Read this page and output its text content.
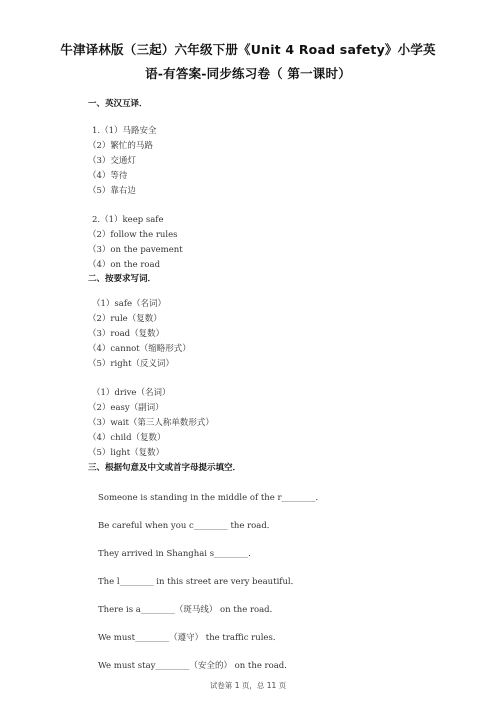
牛津译林版（三起）六年级下册《Unit 4 Road safety》小学英
语-有答案-同步练习卷（ 第一课时）
一、英汉互译．
1.（1）马路安全
（2）繁忙的马路
（3）交通灯
（4）等待
（5）靠右边
2.（1）keep safe
（2）follow the rules
（3）on the pavement
（4）on the road
二、按要求写词．
（1）safe（名词）
（2）rule（复数）
（3）road（复数）
（4）cannot（缩略形式）
（5）right（反义词）
（1）drive（名词）
（2）easy（副词）
（3）wait（第三人称单数形式）
（4）child（复数）
（5）light（复数）
三、根据句意及中文或首字母提示填空．
Someone is standing in the middle of the r________．
Be careful when you c________ the road．
They arrived in Shanghai s________．
The l________ in this street are very beautiful．
There is a________（斑马线） on the road．
We must________（遵守） the traffic rules．
We must stay________（安全的） on the road．
试卷第 1 页，总 11 页
